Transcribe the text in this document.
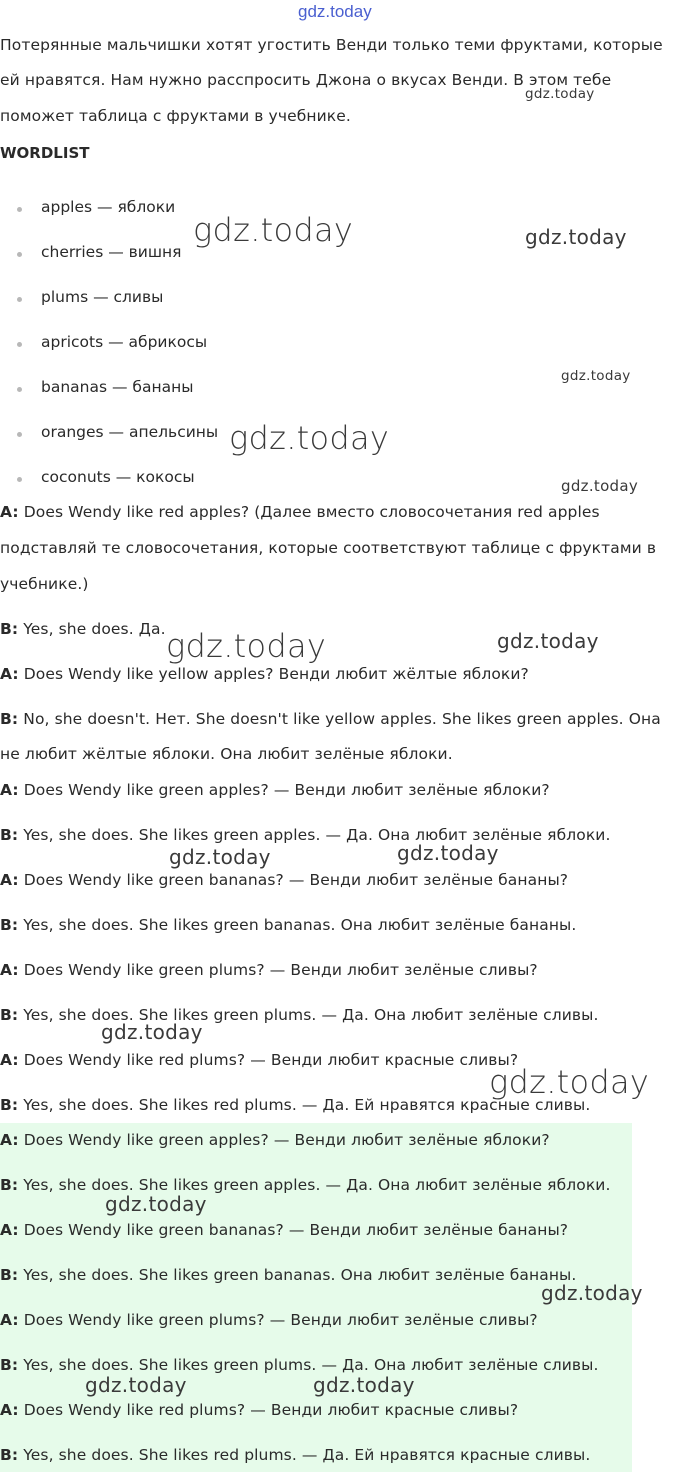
gdz.today
Потерянные мальчишки хотят угостить Венди только теми фруктами, которые
ей нравятся. Нам нужно расспросить Джона о вкусах Венди. В этом тебе
поможет таблица с фруктами в учебнике.
WORDLIST
apples — яблоки
cherries — вишня
plums — сливы
apricots — абрикосы
bananas — бананы
oranges — апельсины
coconuts — кокосы
A: Does Wendy like red apples? (Далее вместо словосочетания red apples
подставляй те словосочетания, которые соответствуют таблице с фруктами в
учебнике.)
B: Yes, she does. Да.
A: Does Wendy like yellow apples? Венди любит жёлтые яблоки?
B: No, she doesn't. Нет. She doesn't like yellow apples. She likes green apples. Она
не любит жёлтые яблоки. Она любит зелёные яблоки.
A: Does Wendy like green apples? — Венди любит зелёные яблоки?
B: Yes, she does. She likes green apples. — Да. Она любит зелёные яблоки.
A: Does Wendy like green bananas? — Венди любит зелёные бананы?
B: Yes, she does. She likes green bananas. Она любит зелёные бананы.
A: Does Wendy like green plums? — Венди любит зелёные сливы?
B: Yes, she does. She likes green plums. — Да. Она любит зелёные сливы.
A: Does Wendy like red plums? — Венди любит красные сливы?
B: Yes, she does. She likes red plums. — Да. Ей нравятся красные сливы.
A: Does Wendy like green apples? — Венди любит зелёные яблоки?
B: Yes, she does. She likes green apples. — Да. Она любит зелёные яблоки.
A: Does Wendy like green bananas? — Венди любит зелёные бананы?
B: Yes, she does. She likes green bananas. Она любит зелёные бананы.
A: Does Wendy like green plums? — Венди любит зелёные сливы?
B: Yes, she does. She likes green plums. — Да. Она любит зелёные сливы.
A: Does Wendy like red plums? — Венди любит красные сливы?
B: Yes, she does. She likes red plums. — Да. Ей нравятся красные сливы.
gdz.today
gdz.today	gdz.today
gdz.today
gdz.today
gdz.today
gdz.today	gdz.today
gdz.today
gdz.today
gdz.today
gdz.today
gdz.today
gdz.today
gdz.today	gdz.today
